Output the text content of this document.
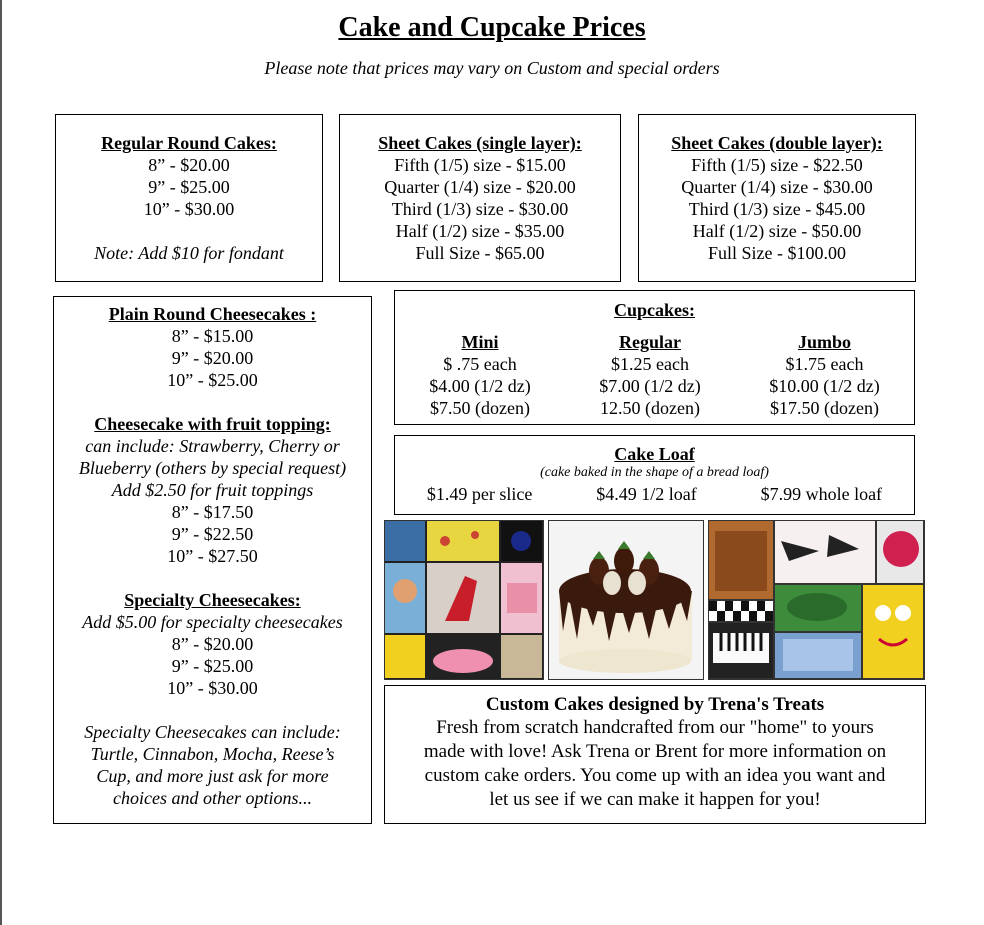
Cake and Cupcake Prices
Please note that prices may vary on Custom and special orders
Regular Round Cakes:
8” - $20.00
9” - $25.00
10” - $30.00
Note: Add $10 for fondant
Sheet Cakes (single layer):
Fifth (1/5) size - $15.00
Quarter (1/4) size - $20.00
Third (1/3) size - $30.00
Half (1/2) size - $35.00
Full Size - $65.00
Sheet Cakes (double layer):
Fifth (1/5) size - $22.50
Quarter (1/4) size - $30.00
Third (1/3) size - $45.00
Half (1/2) size - $50.00
Full Size - $100.00
Plain Round Cheesecakes :
8” - $15.00
9” - $20.00
10” - $25.00
Cheesecake with fruit topping:
can include: Strawberry, Cherry or
Blueberry (others by special request)
Add $2.50 for fruit toppings
8” - $17.50
9” - $22.50
10” - $27.50
Specialty Cheesecakes:
Add $5.00 for specialty cheesecakes
8” - $20.00
9” - $25.00
10” - $30.00
Specialty Cheesecakes can include:
Turtle, Cinnabon, Mocha, Reese’s
Cup, and more just ask for more
choices and other options...
Cupcakes:
Mini
$ .75 each
$4.00 (1/2 dz)
$7.50 (dozen)
Regular
$1.25 each
$7.00 (1/2 dz)
12.50 (dozen)
Jumbo
$1.75 each
$10.00 (1/2 dz)
$17.50 (dozen)
Cake Loaf
(cake baked in the shape of a bread loaf)
$1.49 per slice	$4.49 1/2 loaf	$7.99 whole loaf
Custom Cakes designed by Trena's Treats
Fresh from scratch handcrafted from our "home" to yours
made with love! Ask Trena or Brent for more information on
custom cake orders. You come up with an idea you want and
let us see if we can make it happen for you!
